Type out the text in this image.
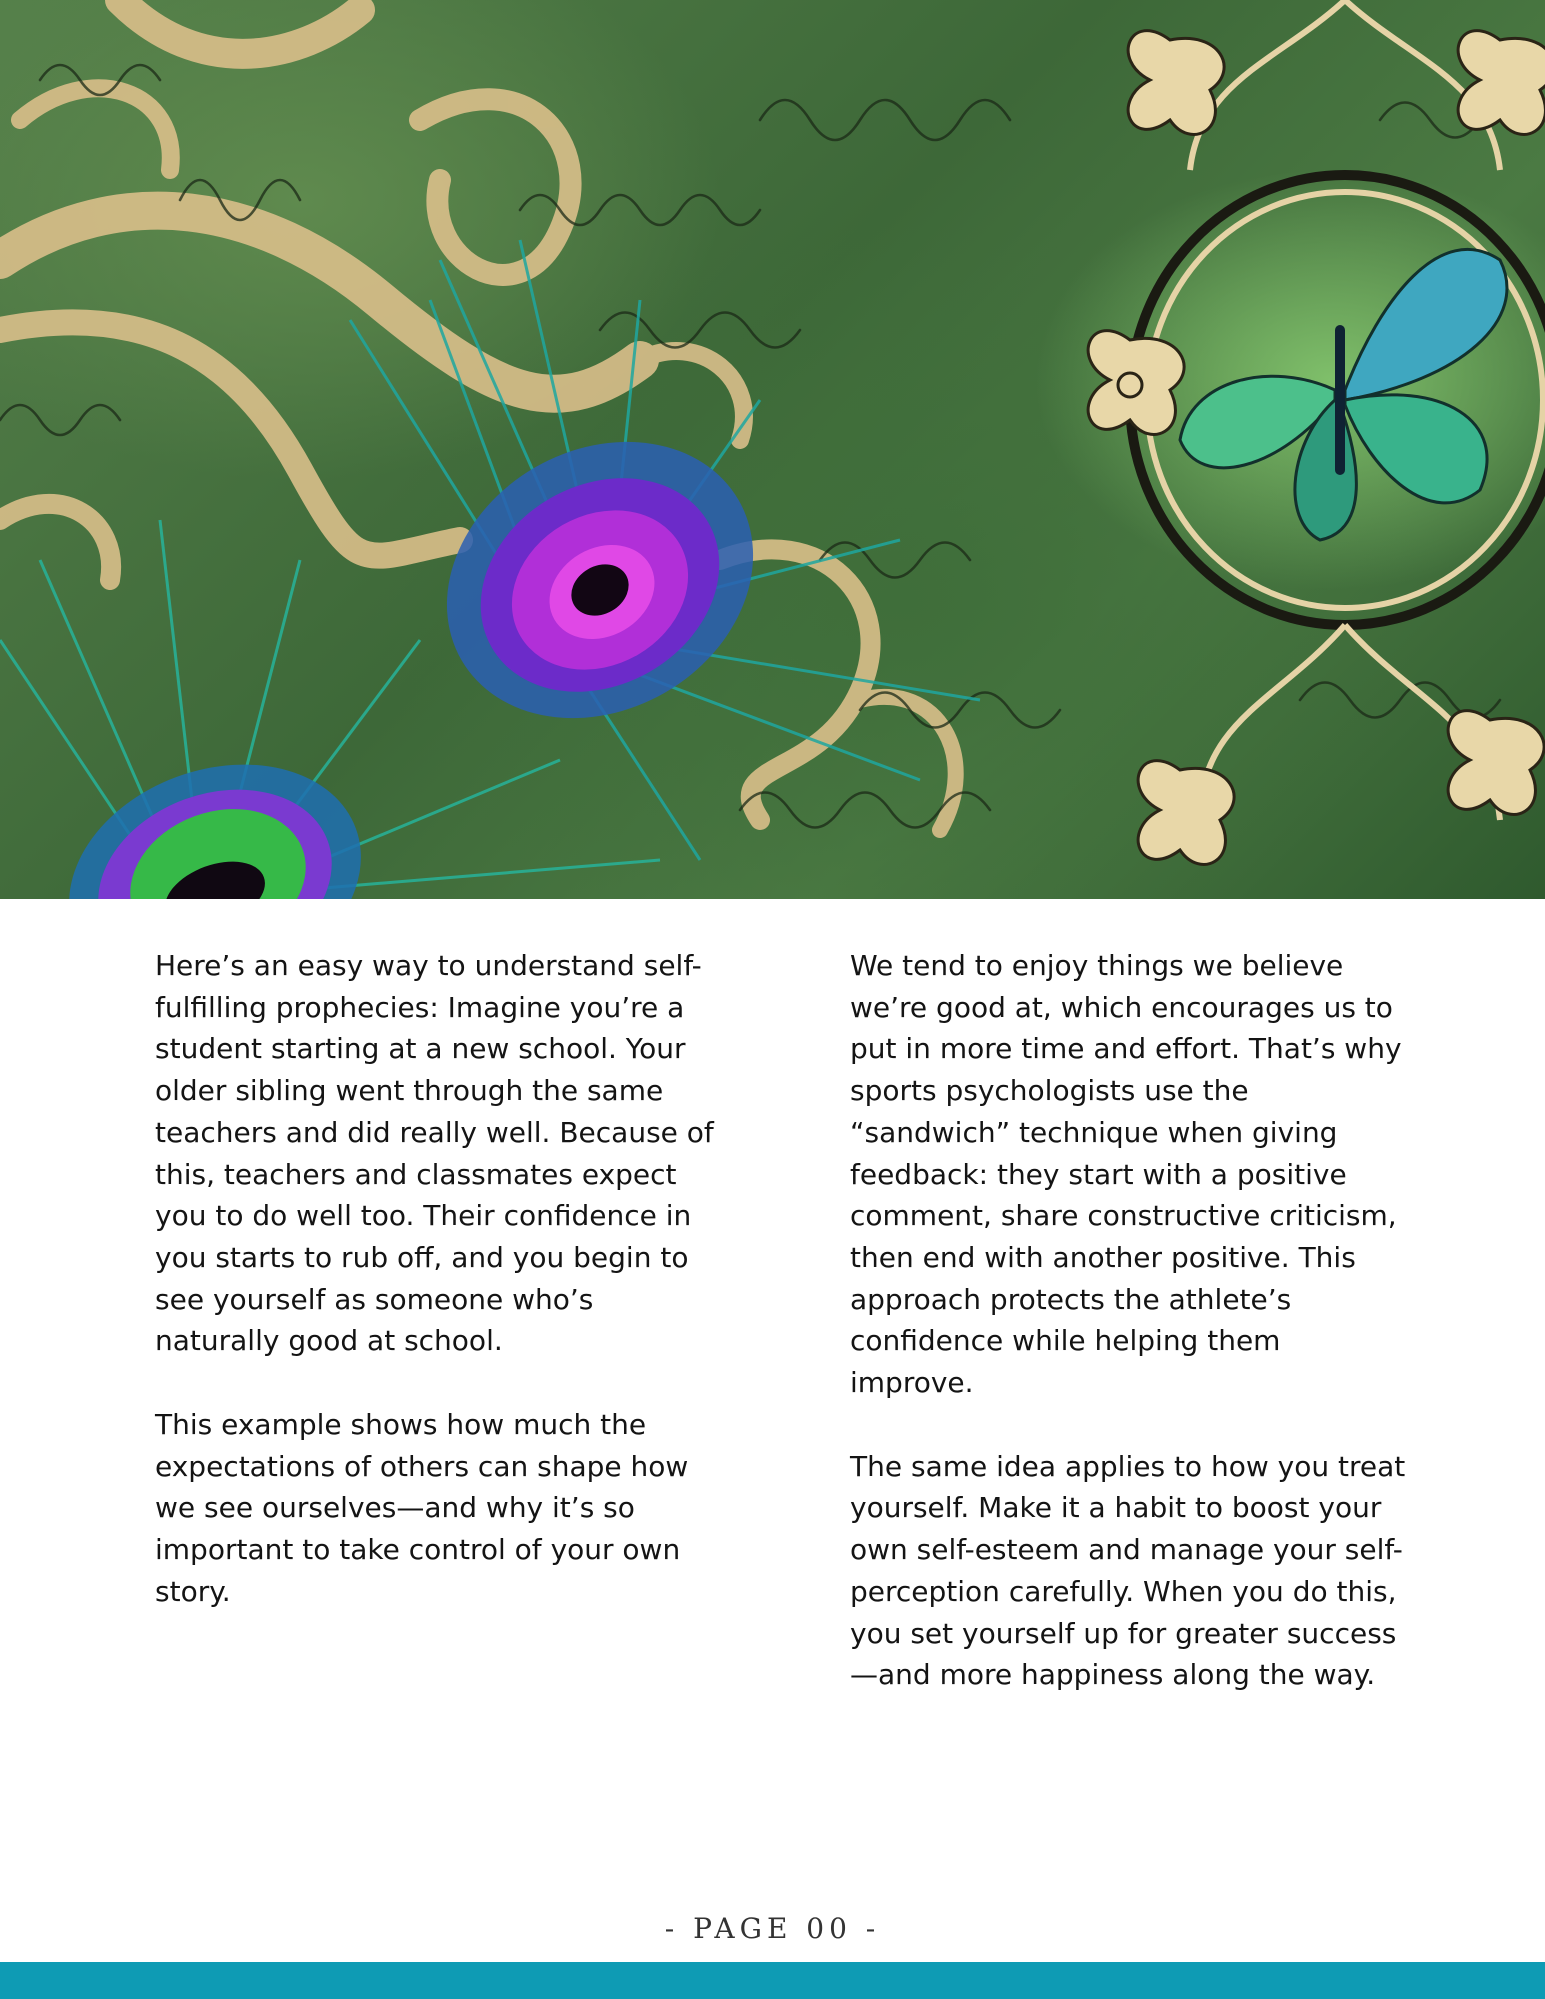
Here’s an easy way to understand self-fulfilling prophecies: Imagine you’re a student starting at a new school. Your older sibling went through the same teachers and did really well. Because of this, teachers and classmates expect you to do well too. Their confidence in you starts to rub off, and you begin to see yourself as someone who’s naturally good at school.

This example shows how much the expectations of others can shape how we see ourselves—and why it’s so important to take control of your own story.

We tend to enjoy things we believe we’re good at, which encourages us to put in more time and effort. That’s why sports psychologists use the “sandwich” technique when giving feedback: they start with a positive comment, share constructive criticism, then end with another positive. This approach protects the athlete’s confidence while helping them improve.

The same idea applies to how you treat yourself. Make it a habit to boost your own self-esteem and manage your self-perception carefully. When you do this, you set yourself up for greater success—and more happiness along the way.

- PAGE 00 -
